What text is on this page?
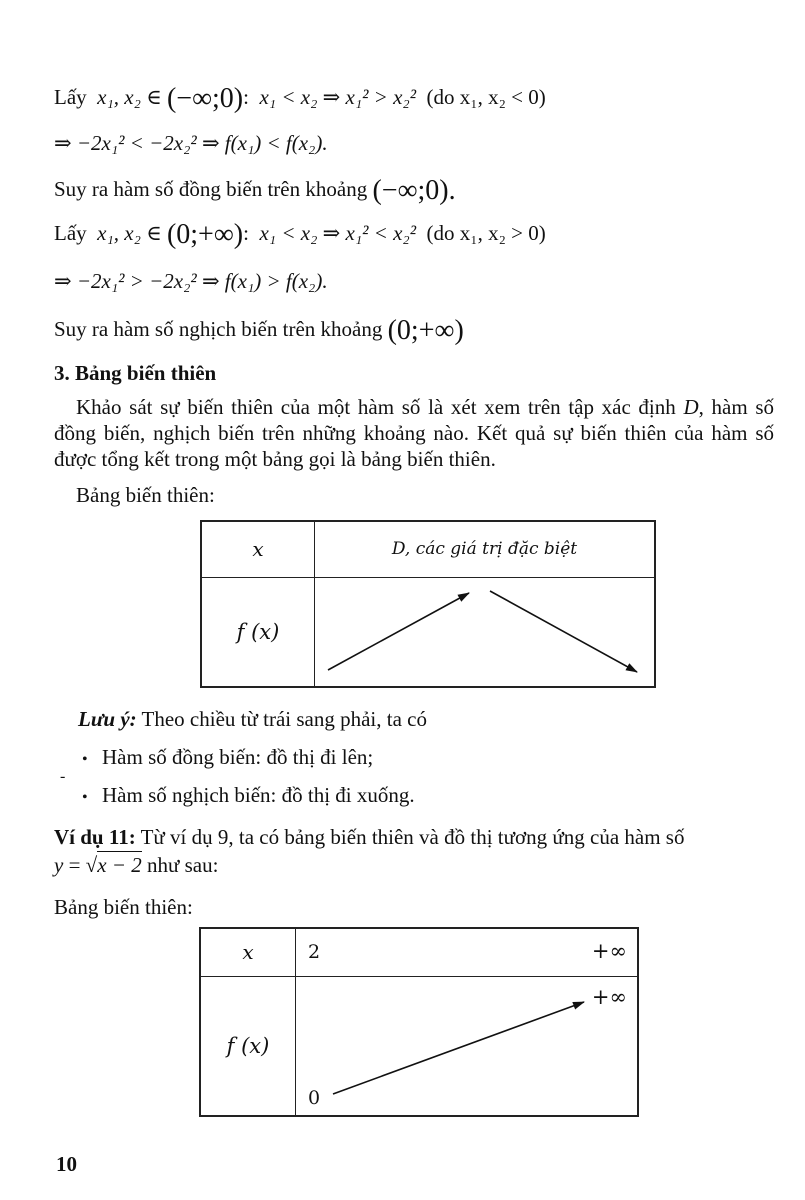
Lấy x₁, x₂ ∈ (−∞;0): x₁ < x₂ ⇒ x₁² > x₂² (do x₁, x₂ < 0)
⇒ −2x₁² < −2x₂² ⇒ f(x₁) < f(x₂).
Suy ra hàm số đồng biến trên khoảng (−∞;0).
Lấy x₁, x₂ ∈ (0;+∞): x₁ < x₂ ⇒ x₁² < x₂² (do x₁, x₂ > 0)
⇒ −2x₁² > −2x₂² ⇒ f(x₁) > f(x₂).
Suy ra hàm số nghịch biến trên khoảng (0;+∞)
3. Bảng biến thiên
Khảo sát sự biến thiên của một hàm số là xét xem trên tập xác định D, hàm số đồng biến, nghịch biến trên những khoảng nào. Kết quả sự biến thiên của hàm số được tổng kết trong một bảng gọi là bảng biến thiên.
Bảng biến thiên:
x	D, các giá trị đặc biệt
f (x)	
Lưu ý: Theo chiều từ trái sang phải, ta có
• Hàm số đồng biến: đồ thị đi lên;
-
• Hàm số nghịch biến: đồ thị đi xuống.
Ví dụ 11: Từ ví dụ 9, ta có bảng biến thiên và đồ thị tương ứng của hàm số
y = √x − 2 như sau:
Bảng biến thiên:
x	2 +∞

f (x)	+∞
0
10
